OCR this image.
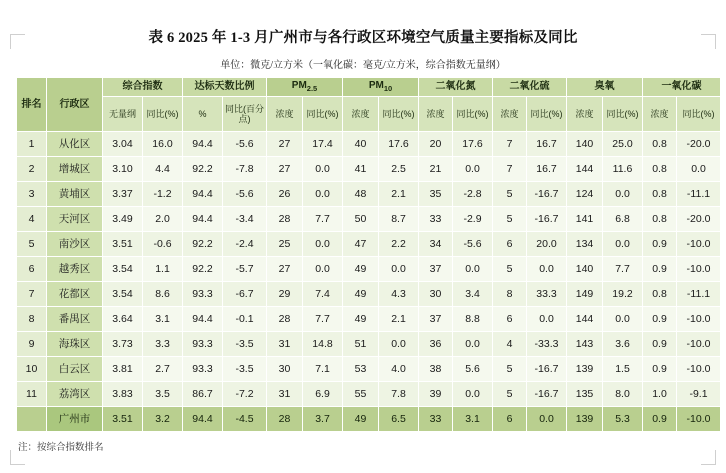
表 6 2025 年 1-3 月广州市与各行政区环境空气质量主要指标及同比
单位：微克/立方米（一氧化碳：毫克/立方米，综合指数无量纲）
排名	行政区	综合指数		达标天数比例		$PM_{2.5}$		$PM_{10}$		二氧化氮		二氧化硫		臭氧		一氧化碳	
		无量纲	同比(%)	%	同比(百分点)	浓度	同比(%)	浓度	同比(%)	浓度	同比(%)	浓度	同比(%)	浓度	同比(%)	浓度	同比(%)
1	从化区	3.04	16.0	94.4	-5.6	27	17.4	40	17.6	20	17.6	7	16.7	140	25.0	0.8	-20.0
2	增城区	3.10	4.4	92.2	-7.8	27	0.0	41	2.5	21	0.0	7	16.7	144	11.6	0.8	0.0
3	黄埔区	3.37	-1.2	94.4	-5.6	26	0.0	48	2.1	35	-2.8	5	-16.7	124	0.0	0.8	-11.1
4	天河区	3.49	2.0	94.4	-3.4	28	7.7	50	8.7	33	-2.9	5	-16.7	141	6.8	0.8	-20.0
5	南沙区	3.51	-0.6	92.2	-2.4	25	0.0	47	2.2	34	-5.6	6	20.0	134	0.0	0.9	-10.0
6	越秀区	3.54	1.1	92.2	-5.7	27	0.0	49	0.0	37	0.0	5	0.0	140	7.7	0.9	-10.0
7	花都区	3.54	8.6	93.3	-6.7	29	7.4	49	4.3	30	3.4	8	33.3	149	19.2	0.8	-11.1
8	番禺区	3.64	3.1	94.4	-0.1	28	7.7	49	2.1	37	8.8	6	0.0	144	0.0	0.9	-10.0
9	海珠区	3.73	3.3	93.3	-3.5	31	14.8	51	0.0	36	0.0	4	-33.3	143	3.6	0.9	-10.0
10	白云区	3.81	2.7	93.3	-3.5	30	7.1	53	4.0	38	5.6	5	-16.7	139	1.5	0.9	-10.0
11	荔湾区	3.83	3.5	86.7	-7.2	31	6.9	55	7.8	39	0.0	5	-16.7	135	8.0	1.0	-9.1
	广州市	3.51	3.2	94.4	-4.5	28	3.7	49	6.5	33	3.1	6	0.0	139	5.3	0.9	-10.0
注：按综合指数排名
